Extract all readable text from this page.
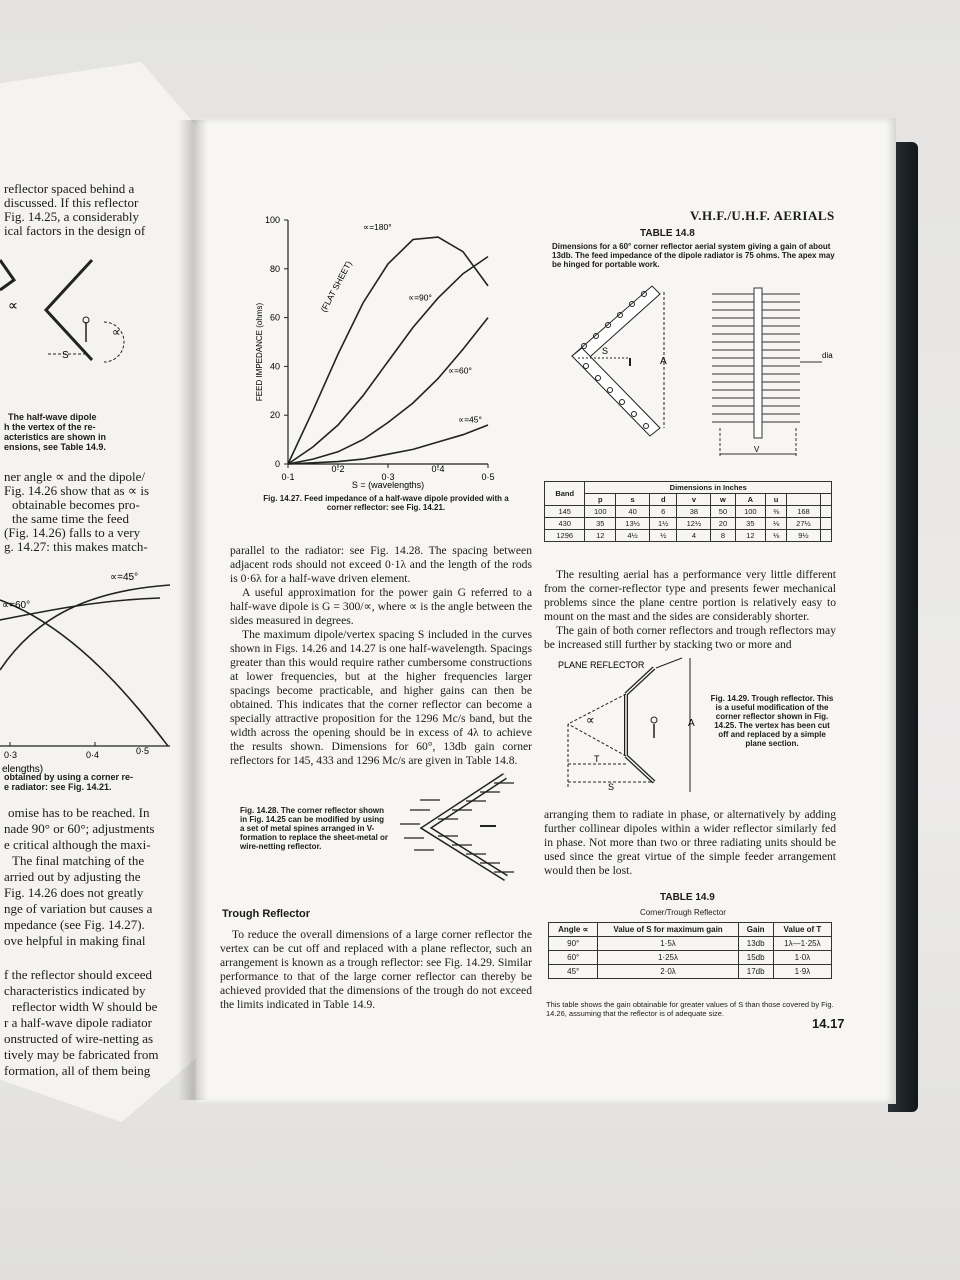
reflector spaced behind a
discussed. If this reflector
Fig. 14.25, a considerably
ical factors in the design of
∝
∝
S
The half-wave dipole
h the vertex of the re-
acteristics are shown in
ensions, see Table 14.9.
ner angle ∝ and the dipole/
Fig. 14.26 show that as ∝ is
obtainable becomes pro-
the same time the feed
(Fig. 14.26) falls to a very
g. 14.27: this makes match-
∝=45°
∝=60°
0·3	0·4	0·5
elengths)
obtained by using a corner re-
e radiator: see Fig. 14.21.
omise has to be reached. In
nade 90° or 60°; adjustments
e critical although the maxi-
The final matching of the
arried out by adjusting the
Fig. 14.26 does not greatly
nge of variation but causes a
mpedance (see Fig. 14.27).
ove helpful in making final
f the reflector should exceed
characteristics indicated by
reflector width W should be
r a half-wave dipole radiator
onstructed of wire-netting as
tively may be fabricated from
formation, all of them being
V.H.F./U.H.F. AERIALS
0
20
40
60
80
100
0·1
0·2
0·3
0·4
0·5
S = (wavelengths)
FEED IMPEDANCE (ohms)
∝=180°
(FLAT SHEET)	∝=90°
∝=60°
∝=45°
Fig. 14.27. Feed impedance of a half-wave dipole provided with a corner reflector: see Fig. 14.21.
TABLE 14.8
Dimensions for a 60° corner reflector aerial system giving a gain of about 13db. The feed impedance of the dipole radiator is 75 ohms. The apex may be hinged for portable work.
S
A
dia
V
Band	Dimensions in Inches								
	p	s	d	v	w	A	u		
145	100	40	6	38	50	100	⅜	168	
430	35	13½	1½	12½	20	35	⅛	27½	
1296	12	4½	½	4	8	12	⅛	9½	

parallel to the radiator: see Fig. 14.28. The spacing between adjacent rods should not exceed 0·1λ and the length of the rods is 0·6λ for a half-wave driven element.

A useful approximation for the power gain G referred to a half-wave dipole is G = 300/∝, where ∝ is the angle between the sides measured in degrees.

The maximum dipole/vertex spacing S included in the curves shown in Figs. 14.26 and 14.27 is one half-wavelength. Spacings greater than this would require rather cumbersome constructions at lower frequencies, but at the higher frequencies larger spacings become practicable, and higher gains can then be obtained. This indicates that the corner reflector can become a specially attractive proposition for the 1296 Mc/s band, but the width across the opening should be in excess of 4λ to achieve the results shown. Dimensions for 60°, 13db gain corner reflectors for 145, 433 and 1296 Mc/s are given in Table 14.8.

Fig. 14.28. The corner reflector shown in Fig. 14.25 can be modified by using a set of metal spines arranged in V-formation to replace the sheet-metal or wire-netting reflector.
Trough Reflector

To reduce the overall dimensions of a large corner reflector the vertex can be cut off and replaced with a plane reflector, such an arrangement is known as a trough reflector: see Fig. 14.29. Similar performance to that of the large corner reflector can thereby be achieved provided that the dimensions of the trough do not exceed the limits indicated in Table 14.9.

The resulting aerial has a performance very little different from the corner-reflector type and presents fewer mechanical problems since the plane centre portion is relatively easy to mount on the mast and the sides are considerably shorter.

The gain of both corner reflectors and trough reflectors may be increased still further by stacking two or more and

PLANE REFLECTOR
∝	A
T
S
Fig. 14.29. Trough reflector. This is a useful modification of the corner reflector shown in Fig. 14.25. The vertex has been cut off and replaced by a simple plane section.

arranging them to radiate in phase, or alternatively by adding further collinear dipoles within a wider reflector similarly fed in phase. Not more than two or three radiating units should be used since the great virtue of the simple feeder arrangement would then be lost.

TABLE 14.9
Corner/Trough Reflector
Angle ∝	Value of S for maximum gain	Gain	Value of T
90°	1·5λ	13db	1λ—1·25λ
60°	1·25λ	15db	1·0λ
45°	2·0λ	17db	1·9λ
This table shows the gain obtainable for greater values of S than those covered by Fig. 14.26, assuming that the reflector is of adequate size.
14.17
